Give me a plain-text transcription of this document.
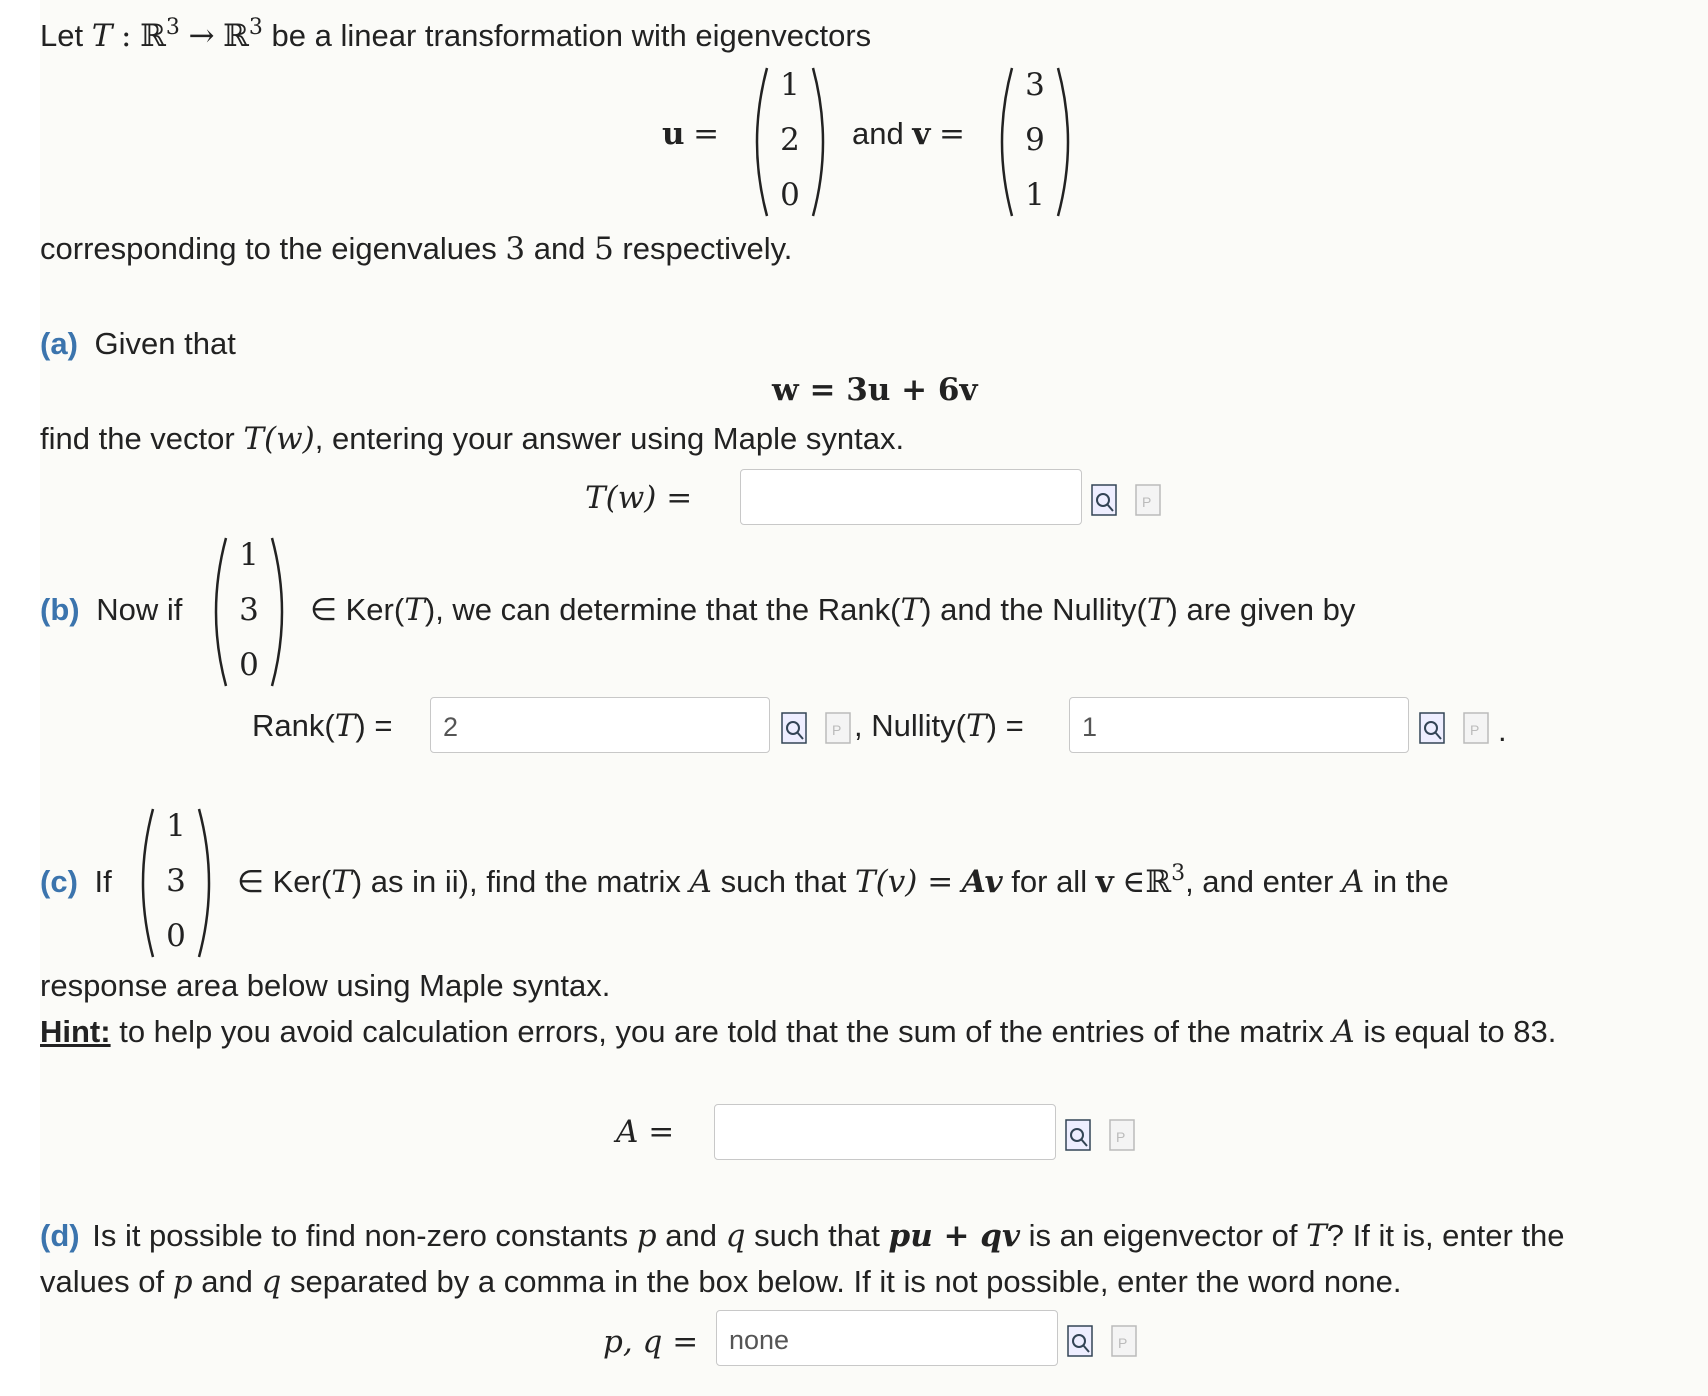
Let T : ℝ$^3$ → ℝ$^3$ be a linear transformation with eigenvectors
u =
1
2
0
and v =
3
9
1
corresponding to the eigenvalues 3 and 5 respectively.
(a) Given that
w = 3u + 6v
find the vector T(w), entering your answer using Maple syntax.
T(w) =	P
(b) Now if
1
3
0
∈ Ker(T), we can determine that the Rank(T) and the Nullity(T) are given by
Rank(T) =	2	P , Nullity(T) =	1	P .
(c) If
1
3
0
∈ Ker(T) as in ii), find the matrix A such that T(v) = Av for all v ∈ℝ$^3$, and enter A in the
response area below using Maple syntax.
Hint: to help you avoid calculation errors, you are told that the sum of the entries of the matrix A is equal to 83.
A =	P
(d) Is it possible to find non-zero constants p and q such that pu + qv is an eigenvector of T? If it is, enter the
values of p and q separated by a comma in the box below. If it is not possible, enter the word none.
p, q =	none	P
